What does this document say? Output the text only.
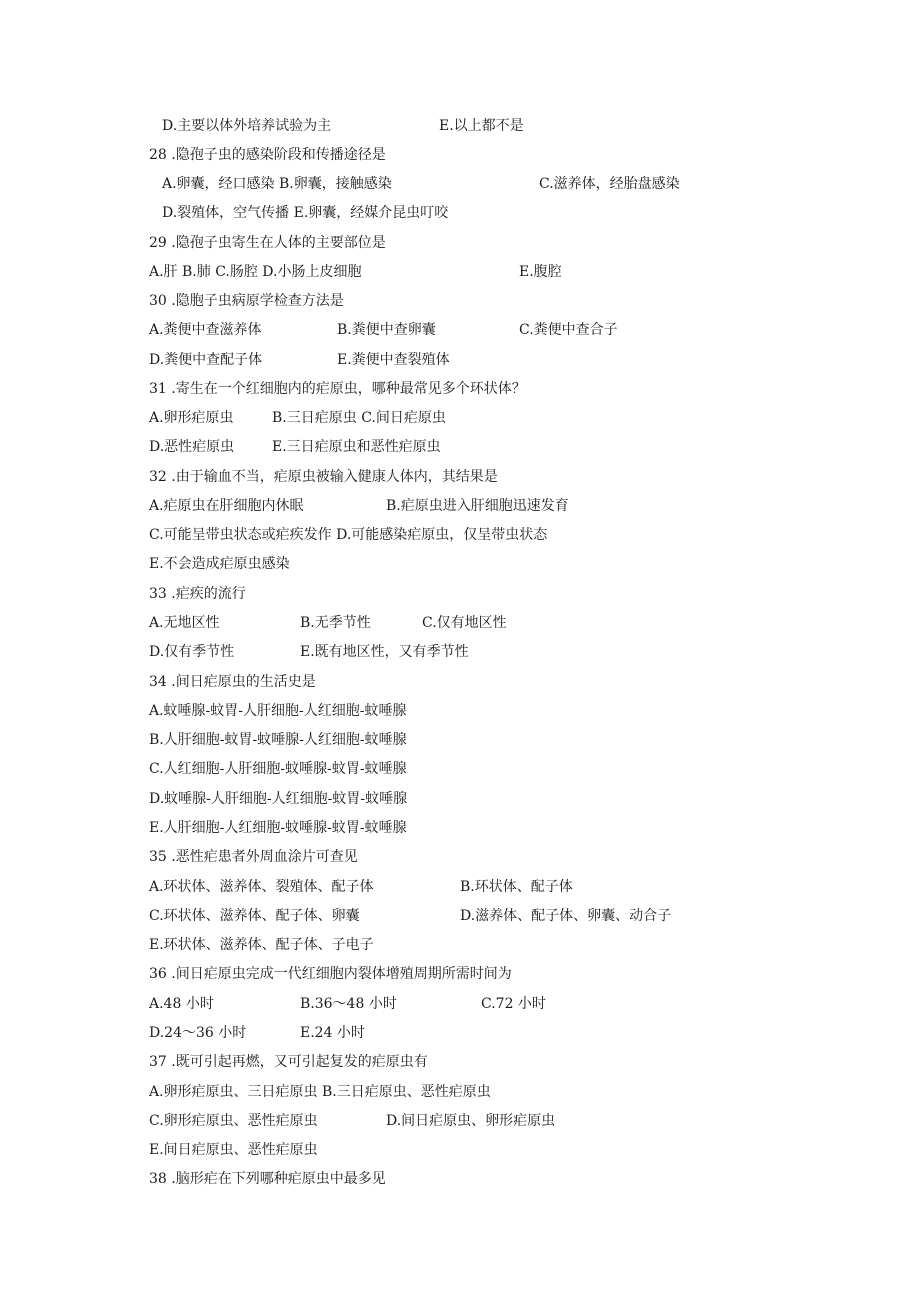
D.主要以体外培养试验为主	E.以上都不是
28 .隐孢子虫的感染阶段和传播途径是
A.卵囊，经口感染 B.卵囊，接触感染	C.滋养体，经胎盘感染
D.裂殖体，空气传播 E.卵囊，经媒介昆虫叮咬
29 .隐孢子虫寄生在人体的主要部位是
A.肝 B.肺 C.肠腔 D.小肠上皮细胞	E.腹腔
30 .隐胞子虫病原学检查方法是
A.粪便中查滋养体	B.粪便中查卵囊	C.粪便中查合子
D.粪便中查配子体	E.粪便中查裂殖体
31 .寄生在一个红细胞内的疟原虫，哪种最常见多个环状体？
A.卵形疟原虫	B.三日疟原虫 C.间日疟原虫
D.恶性疟原虫	E.三日疟原虫和恶性疟原虫
32 .由于输血不当，疟原虫被输入健康人体内，其结果是
A.疟原虫在肝细胞内休眠	B.疟原虫进入肝细胞迅速发育
C.可能呈带虫状态或疟疾发作 D.可能感染疟原虫，仅呈带虫状态
E.不会造成疟原虫感染
33 .疟疾的流行
A.无地区性	B.无季节性	C.仅有地区性
D.仅有季节性	E.既有地区性，又有季节性
34 .间日疟原虫的生活史是
A.蚊唾腺-蚊胃-人肝细胞-人红细胞-蚊唾腺
B.人肝细胞-蚊胃-蚊唾腺-人红细胞-蚊唾腺
C.人红细胞-人肝细胞-蚊唾腺-蚊胃-蚊唾腺
D.蚊唾腺-人肝细胞-人红细胞-蚊胃-蚊唾腺
E.人肝细胞-人红细胞-蚊唾腺-蚊胃-蚊唾腺
35 .恶性疟患者外周血涂片可查见
A.环状体、滋养体、裂殖体、配子体	B.环状体、配子体
C.环状体、滋养体、配子体、卵囊	D.滋养体、配子体、卵囊、动合子
E.环状体、滋养体、配子体、子电子
36 .间日疟原虫完成一代红细胞内裂体增殖周期所需时间为
A.48 小时	B.36～48 小时	C.72 小时
D.24～36 小时	E.24 小时
37 .既可引起再燃，又可引起复发的疟原虫有
A.卵形疟原虫、三日疟原虫 B.三日疟原虫、恶性疟原虫
C.卵形疟原虫、恶性疟原虫	D.间日疟原虫、卵形疟原虫
E.间日疟原虫、恶性疟原虫
38 .脑形疟在下列哪种疟原虫中最多见
